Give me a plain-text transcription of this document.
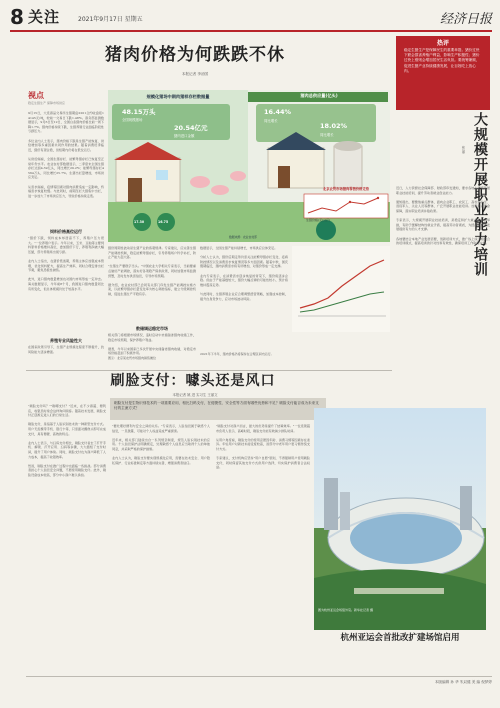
8 关注	2021年9月17日 星期五	经济日报
猪肉价格为何跌跌不休
本报记者 李治国
视点
稳定生猪生产 保障市场供应
9月15日，大连商品交易所生猪期货2201合约收盘报14145元/吨，较前一交易日下跌1.48%。商务部监测数据显示，9月6日至12日，全国白条猪肉价格比前一周下降1.7%。猪肉价格持续下跌，生猪养殖行业面临阶段性亏损压力。

多位业内人士表示，猪肉价格下跌是生猪产能恢复、供给增加等多重因素共同作用的结果。随着消费旺季临近，猪价有望企稳，但短期内仍将在低位运行。

从供给端看，全国生猪存栏、能繁母猪存栏已恢复至正常年份水平。农业农村部数据显示，二季度末全国生猪存栏达到4.39亿头，同比增长29.2%；能繁母猪存栏4564万头，同比增长25.7%。生猪出栏量增加，市场供应充足。

从需求端看，疫情等因素对猪肉消费造成一定影响，终端需求恢复较慢。与此同时，前期压栏大猪集中出栏，进一步加大了市场供应压力，导致价格持续走低。
饲料价格高位运行
"猪价下跌，饲料成本却居高不下，养殖户压力很大。"一位养殖户表示。今年以来，玉米、豆粕等主要饲料原料价格维持高位，叠加猪价下行，养殖利润被大幅压缩，部分养殖场出现亏损。

业内人士指出，在猪价低迷期，养殖主体应加强成本管理，优化饲料配方，提高生产效率，同时合理安排出栏节奏，避免恐慌性抛售。

此外，进口猪肉数量增加也对国内市场形成一定冲击。海关数据显示，今年前8个月，我国进口猪肉数量同比有所变化，但总体规模仍处于较高水平。
养殖专业风险性大
在国家政策引导下，生猪产业规模化程度不断提升，抗风险能力逐步增强。
规模化猪场中期肉猪样存栏数据量
48.15万头
全国规模猪场
20.54亿元
猪肉进口金额
猪肉总供应量(亿头)
16.44%
同比增长
18.02%
同比增长
北京农贸市场猪肉零售价格走势
生猪价格(元/公斤)
17.30	16.75
数据来源：农业农村部
猪价周期性波动是生猪产业的客观规律。专家建议，应完善生猪产能调控机制，稳定能繁母猪存栏，引导养殖场户科学补栏，防止产能大起大落。

"生猪生产要稳字当头。"中国农业大学相关专家表示，当前要重点做好产能调控，落实好各项稳产保供政策，同时加强市场监测预警，及时发布供需信息，引导市场预期。

据介绍，农业农村部已会同有关部门印发生猪产能调控实施方案，以能繁母猪存栏量变化率为核心调控指标，建立分级调控机制，促进生猪生产平稳有序。
数储调运稳定市场
相关部门将根据市场情况，适时启动中央储备冻猪肉收储工作，稳定市场预期，保护养殖户利益。

据悉，今年以来国家已多次开展中央储备冻猪肉收储，对稳定市场价格起到了积极作用。
图①：北京某农贸市场猪肉销售摊位
数据显示，全国生猪产能持续增长，市场供应总体充足。

分析人士认为，猪价后期走势仍需关注能繁母猪存栏变化、疫病防控情况以及消费需求恢复情况等多方面因素。随着中秋、国庆假期临近，猪肉消费需求将有所增加，对猪价形成一定支撑。

业内专家表示，在消费需求逐步恢复的背景下，猪价将逐步企稳。但由于产能基数较大，猪价大幅反弹的可能性较小，预计将维持震荡走势。

与此同时，生猪养殖企业应合理调整经营策略，加强成本控制，提升自身竞争力，应对市场波动风险。
2021年下半年，猪肉价格仍将保持在合理区间内运行。
热评
稳定生猪生产是保障民生的重要举措。猪价过快下跌会损害养殖户利益，影响生产积极性；猪价过快上涨则会增加居民生活负担。要统筹兼顾，促进生猪产业持续健康发展，让百姓吃上放心肉。
大规模开展职业能力培训
张 丽
近日，人力资源社会保障部、财政部印发通知，要求各地大规模开展职业技能培训，提升劳动者就业创业能力。

通知提出，要聚焦重点群体，面向企业职工、农民工、高校毕业生、退役军人、失业人员等群体，广泛开展职业技能培训。加强培训资金保障，落实职业培训补贴政策。

专家表示，大规模开展职业技能培训，是稳定和扩大就业的重要举措，有助于缓解结构性就业矛盾，提高劳动者素质，为经济高质量发展提供有力的人才支撑。

各地要结合本地产业发展需要，创新培训方式，推广线上线下相结合的培训模式，提高培训的针对性和有效性，确保培训工作取得实效。
刷脸支付：噱头还是风口
本报记者 姚 进 实习生 王丽文
刷脸支付是生物识别技术的一项重要应用，相比扫码支付，在便捷性、安全性等方面有哪些优势和不足？刷脸支付能否成为未来支付的主流方式？
"刷脸支付吗？""刷哪支付？"近来，在不少商超、便利店，收银员时常会这样询问顾客。随着技术发展，刷脸支付正逐渐走进人们的日常生活。

刷脸支付，是指基于人脸识别技术的一种新型支付方式。用户无需携带手机、银行卡等，只需面对摄像头即可完成支付，具有便捷、高效的特点。

业内人士表示，与扫码支付相比，刷脸支付省去了打开手机、解锁、打开应用、扫码等步骤，大大缩短了支付时间，提升了用户体验。同时，刷脸支付也为商户降低了人力成本，提高了收银效率。

然而，刷脸支付在推广过程中也面临一些挑战。部分消费者担心个人信息安全问题，不愿使用刷脸支付。此外，刷脸设备成本较高，部分中小商户难以承担。
"要处理好便利与安全之间的关系。"专家表示，人脸信息属于敏感个人信息，一旦泄露，可能对个人权益造成严重损害。

近年来，相关部门陆续出台一系列规章制度，规范人脸识别技术的应用。个人信息保护法明确规定，处理敏感个人信息应当取得个人的单独同意，并采取严格的保护措施。

业内人士认为，刷脸支付要实现规模化应用，需要在技术安全、用户隐私保护、行业标准制定等方面持续完善，增强消费者信任。
"刷脸支付对商户而言，最大的优势是提升了结算效率。"一位连锁超市负责人表示，高峰时段，刷脸支付能有效减少排队时间。

从用户角度看，刷脸支付的使用意愿因年龄、消费习惯等因素存在差异。年轻用户对新技术接受度较高，而部分中老年用户更习惯传统支付方式。

专家建议，支付机构应坚持"用户自愿"原则，不得强制用户使用刷脸支付，同时保留其他支付方式供用户选择，切实保护消费者合法权益。
图为杭州亚运会场馆外景。新华社记者 摄
杭州亚运会首批改扩建场馆启用
本版编辑 孙 华 朱双健 美 编 倪梦婷
